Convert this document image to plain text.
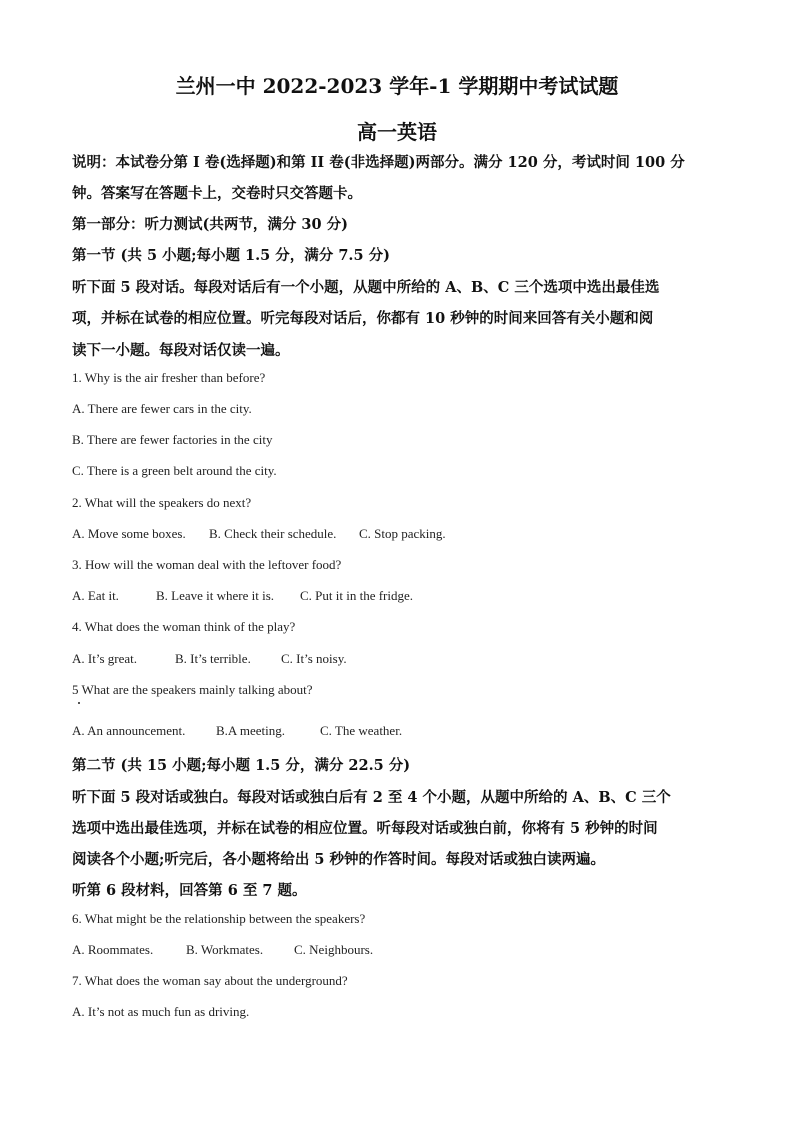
兰州一中 2022-2023 学年-1 学期期中考试试题
高一英语
说明：本试卷分第 I 卷(选择题)和第 II 卷(非选择题)两部分。满分 120 分，考试时间 100 分
钟。答案写在答题卡上，交卷时只交答题卡。
第一部分：听力测试(共两节，满分 30 分)
第一节 (共 5 小题;每小题 1.5 分，满分 7.5 分)
听下面 5 段对话。每段对话后有一个小题，从题中所给的 A、B、C 三个选项中选出最佳选
项，并标在试卷的相应位置。听完每段对话后，你都有 10 秒钟的时间来回答有关小题和阅
读下一小题。每段对话仅读一遍。
1. Why is the air fresher than before?
A. There are fewer cars in the city.
B. There are fewer factories in the city
C. There is a green belt around the city.
2. What will the speakers do next?
A. Move some boxes. B. Check their schedule. C. Stop packing.
3. How will the woman deal with the leftover food?
A. Eat it.	B. Leave it where it is. C. Put it in the fridge.
4. What does the woman think of the play?
A. It’s great.	B. It’s terrible. C. It’s noisy.
5 What are the speakers mainly talking about?
A. An announcement. B.A meeting.	C. The weather.
第二节 (共 15 小题;每小题 1.5 分，满分 22.5 分)
听下面 5 段对话或独白。每段对话或独白后有 2 至 4 个小题，从题中所给的 A、B、C 三个
选项中选出最佳选项，并标在试卷的相应位置。听每段对话或独白前，你将有 5 秒钟的时间
阅读各个小题;听完后，各小题将给出 5 秒钟的作答时间。每段对话或独白读两遍。
听第 6 段材料，回答第 6 至 7 题。
6. What might be the relationship between the speakers?
A. Roommates.	B. Workmates. C. Neighbours.
7. What does the woman say about the underground?
A. It’s not as much fun as driving.
